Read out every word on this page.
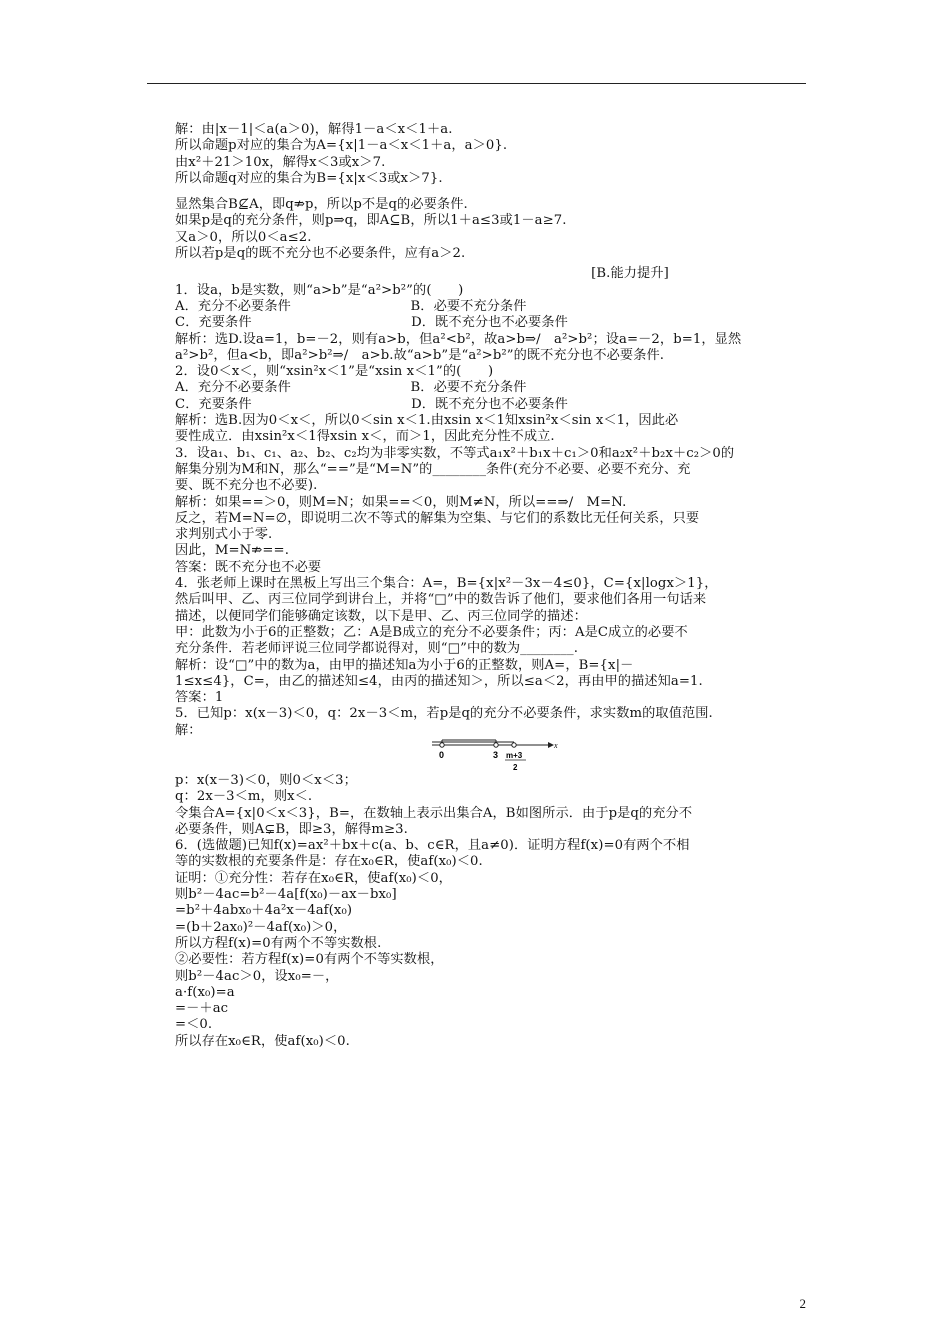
解：由|x－1|＜a(a＞0)，解得1－a＜x＜1＋a.
所以命题p对应的集合为A={x|1－a＜x＜1＋a，a＞0}.
由x²＋21＞10x，解得x＜3或x＞7.
所以命题q对应的集合为B={x|x＜3或x＞7}.
显然集合B⊈A，即q⇏p，所以p不是q的必要条件.
如果p是q的充分条件，则p⇒q，即A⊆B，所以1＋a≤3或1－a≥7.
又a＞0，所以0＜a≤2.
所以若p是q的既不充分也不必要条件，应有a＞2.
[B.能力提升]
1．设a，b是实数，则“a>b”是“a²>b²”的(　　)
A．充分不必要条件　　　　　　　　　B．必要不充分条件
C．充要条件　　　　　　　　　　　　D．既不充分也不必要条件
解析：选D.设a=1，b=－2，则有a>b，但a²<b²，故a>b⇒/　a²>b²；设a=－2，b=1，显然
a²>b²，但a<b，即a²>b²⇒/　a>b.故“a>b”是“a²>b²”的既不充分也不必要条件.
2．设0＜x＜，则“xsin²x＜1”是“xsin x＜1”的(　　)
A．充分不必要条件　　　　　　　　　B．必要不充分条件
C．充要条件　　　　　　　　　　　　D．既不充分也不必要条件
解析：选B.因为0＜x＜，所以0＜sin x＜1.由xsin x＜1知xsin²x＜sin x＜1，因此必
要性成立．由xsin²x＜1得xsin x＜，而＞1，因此充分性不成立.
3．设a₁、b₁、c₁、a₂、b₂、c₂均为非零实数，不等式a₁x²＋b₁x＋c₁＞0和a₂x²＋b₂x＋c₂＞0的
解集分别为M和N，那么“==”是“M=N”的________条件(充分不必要、必要不充分、充
要、既不充分也不必要).
解析：如果==＞0，则M=N；如果==＜0，则M≠N，所以==⇒/　M=N.
反之，若M=N=∅，即说明二次不等式的解集为空集、与它们的系数比无任何关系，只要
求判别式小于零.
因此，M=N⇏==.
答案：既不充分也不必要
4．张老师上课时在黑板上写出三个集合：A=，B={x|x²－3x－4≤0}，C={x|logx＞1}，
然后叫甲、乙、丙三位同学到讲台上，并将“□”中的数告诉了他们，要求他们各用一句话来
描述，以便同学们能够确定该数，以下是甲、乙、丙三位同学的描述：
甲：此数为小于6的正整数；乙：A是B成立的充分不必要条件；丙：A是C成立的必要不
充分条件．若老师评说三位同学都说得对，则“□”中的数为________.
解析：设“□”中的数为a，由甲的描述知a为小于6的正整数，则A=，B={x|－
1≤x≤4}，C=，由乙的描述知≤4，由丙的描述知＞，所以≤a＜2，再由甲的描述知a=1.
答案：1
5．已知p：x(x－3)＜0，q：2x－3＜m，若p是q的充分不必要条件，求实数m的取值范围.
解：
0	3 m+3
2
x
p：x(x－3)＜0，则0＜x＜3；
q：2x－3＜m，则x＜.
令集合A={x|0＜x＜3}，B=，在数轴上表示出集合A，B如图所示．由于p是q的充分不
必要条件，则A⊊B，即≥3，解得m≥3.
6．(选做题)已知f(x)=ax²＋bx＋c(a、b、c∈R，且a≠0)．证明方程f(x)=0有两个不相
等的实数根的充要条件是：存在x₀∈R，使af(x₀)＜0.
证明：①充分性：若存在x₀∈R，使af(x₀)＜0，
则b²－4ac=b²－4a[f(x₀)－ax－bx₀]
=b²＋4abx₀＋4a²x－4af(x₀)
=(b＋2ax₀)²－4af(x₀)＞0，
所以方程f(x)=0有两个不等实数根.
②必要性：若方程f(x)=0有两个不等实数根，
则b²－4ac＞0，设x₀=－，
a·f(x₀)=a
=－＋ac
=＜0.
所以存在x₀∈R，使af(x₀)＜0.
2
